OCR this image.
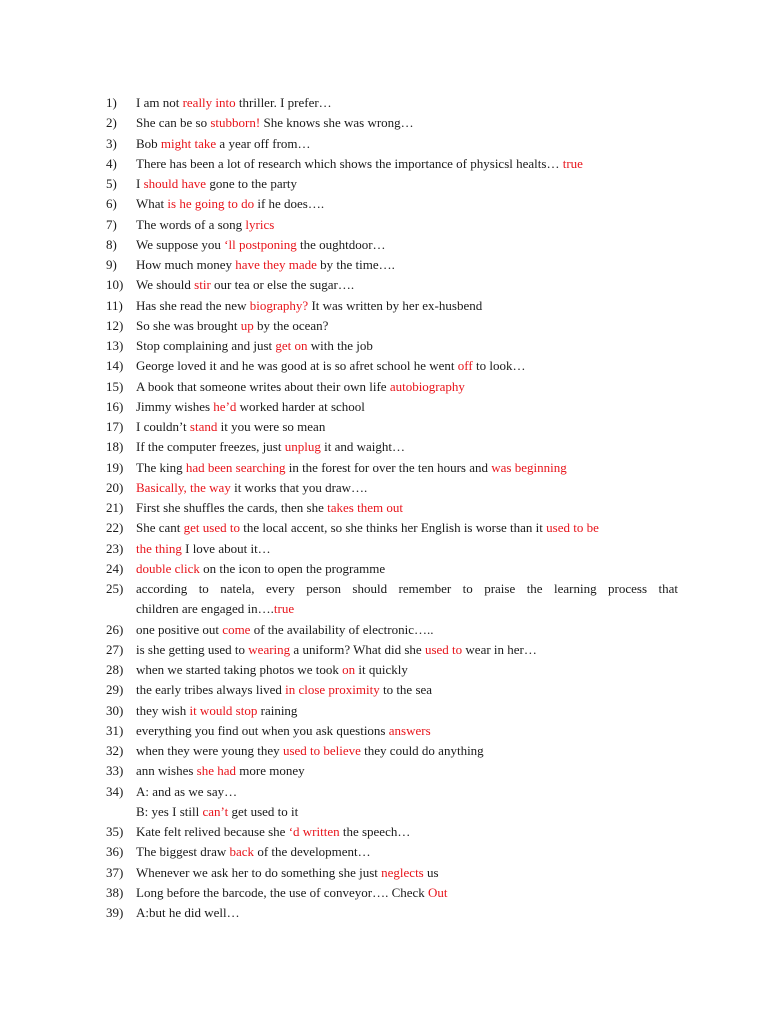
1)	I am not really into thriller. I prefer…
2)	She can be so stubborn! She knows she was wrong…
3)	Bob might take a year off from…
4)	There has been a lot of research which shows the importance of physicsl healts… true
5)	I should have gone to the party
6)	What is he going to do if he does….
7)	The words of a song lyrics
8)	We suppose you ‘ll postponing the oughtdoor…
9)	How much money have they made by the time….
10) We should stir our tea or else the sugar….
11)	Has she read the new biography? It was written by her ex-husbend
12) So she was brought up by the ocean?
13) Stop complaining and just get on with the job
14) George loved it and he was good at is so afret school he went off to look…
15) A book that someone writes about their own life autobiography
16) Jimmy wishes he’d worked harder at school
17) I couldn’t stand it you were so mean
18) If the computer freezes, just unplug it and waight…
19) The king had been searching in the forest for over the ten hours and was beginning
20) Basically, the way it works that you draw….
21) First she shuffles the cards, then she takes them out
22) She cant get used to the local accent, so she thinks her English is worse than it used to be
23) the thing I love about it…
24) double click on the icon to open the programme
25) according to natela, every person should remember to praise the learning process that
children are engaged in….true
26) one positive out come of the availability of electronic…..
27) is she getting used to wearing a uniform? What did she used to wear in her…
28) when we started taking photos we took on it quickly
29) the early tribes always lived in close proximity to the sea
30) they wish it would stop raining
31) everything you find out when you ask questions answers
32) when they were young they used to believe they could do anything
33) ann wishes she had more money
34) A: and as we say…
B: yes I still can’t get used to it
35) Kate felt relived because she ‘d written the speech…
36) The biggest draw back of the development…
37) Whenever we ask her to do something she just neglects us
38) Long before the barcode, the use of conveyor…. Check Out
39) A:but he did well…
